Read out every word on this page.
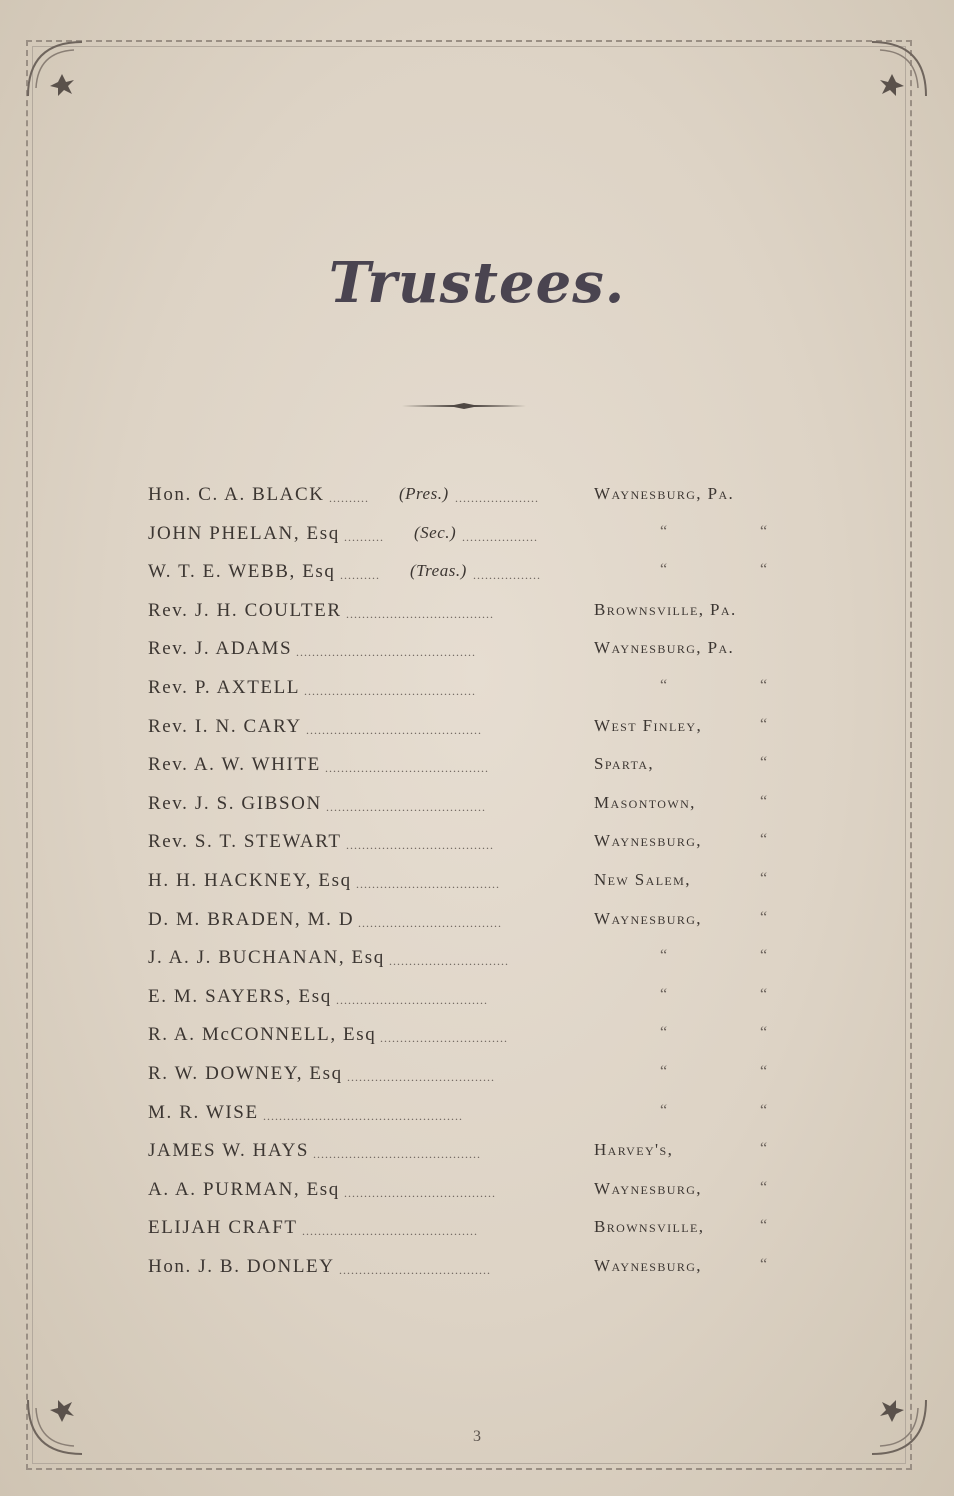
Trustees.
Hon. C. A. BLACK .......... (Pres.) .....................	Waynesburg, Pa.
JOHN PHELAN, Esq .......... (Sec.) ...................	“	“
W. T. E. WEBB, Esq .......... (Treas.) .................	“	“
Rev. J. H. COULTER .....................................	Brownsville, Pa.
Rev. J. ADAMS .............................................	Waynesburg, Pa.
Rev. P. AXTELL ...........................................	“	“
Rev. I. N. CARY ............................................	West Finley,	“
Rev. A. W. WHITE .........................................	Sparta,	“
Rev. J. S. GIBSON ........................................	Masontown,	“
Rev. S. T. STEWART .....................................	Waynesburg,	“
H. H. HACKNEY, Esq ....................................	New Salem,	“
D. M. BRADEN, M. D ....................................	Waynesburg,	“
J. A. J. BUCHANAN, Esq ..............................	“	“
E. M. SAYERS, Esq ......................................	“	“
R. A. McCONNELL, Esq ................................	“	“
R. W. DOWNEY, Esq .....................................	“	“
M. R. WISE ..................................................	“	“
JAMES W. HAYS ..........................................	Harvey's,	“
A. A. PURMAN, Esq ......................................	Waynesburg,	“
ELIJAH CRAFT ............................................	Brownsville,	“
Hon. J. B. DONLEY ......................................	Waynesburg,	“
3
